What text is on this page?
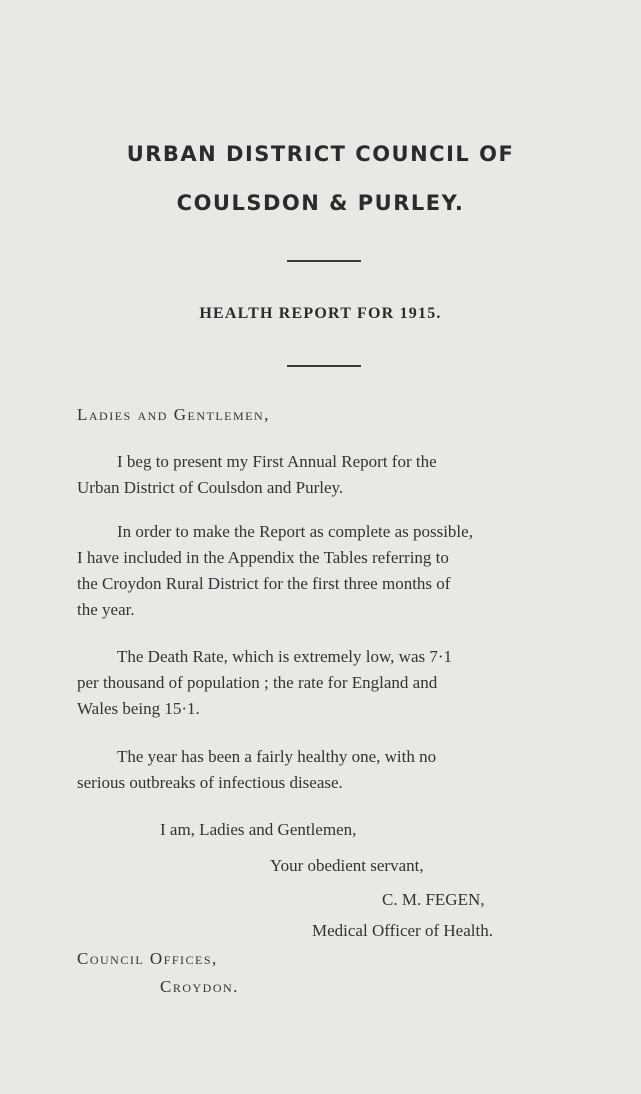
URBAN DISTRICT COUNCIL OF
COULSDON & PURLEY.
HEALTH REPORT FOR 1915.
Ladies and Gentlemen,
I beg to present my First Annual Report for the
Urban District of Coulsdon and Purley.
In order to make the Report as complete as possible,
I have included in the Appendix the Tables referring to
the Croydon Rural District for the first three months of
the year.
The Death Rate, which is extremely low, was 7·1
per thousand of population ; the rate for England and
Wales being 15·1.
The year has been a fairly healthy one, with no
serious outbreaks of infectious disease.
I am, Ladies and Gentlemen,
Your obedient servant,
C. M. FEGEN,
Medical Officer of Health.
Council Offices,
Croydon.
